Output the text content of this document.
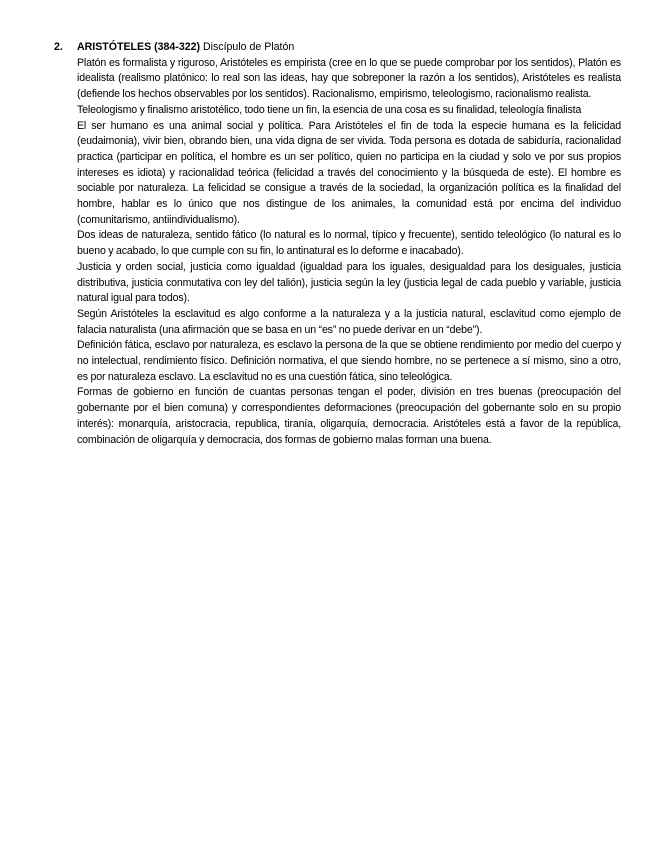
2. ARISTÓTELES (384-322) Discípulo de Platón

Platón es formalista y riguroso, Aristóteles es empirista (cree en lo que se puede comprobar por los sentidos), Platón es idealista (realismo platónico: lo real son las ideas, hay que sobreponer la razón a los sentidos), Aristóteles es realista (defiende los hechos observables por los sentidos). Racionalismo, empirismo, teleologismo, racionalismo realista.

Teleologismo y finalismo aristotélico, todo tiene un fin, la esencia de una cosa es su finalidad, teleología finalista

El ser humano es una animal social y política. Para Aristóteles el fin de toda la especie humana es la felicidad (eudaimonia), vivir bien, obrando bien, una vida digna de ser vivida. Toda persona es dotada de sabiduría, racionalidad practica (participar en política, el hombre es un ser político, quien no participa en la ciudad y solo ve por sus propios intereses es idiota) y racionalidad teórica (felicidad a través del conocimiento y la búsqueda de este). El hombre es sociable por naturaleza. La felicidad se consigue a través de la sociedad, la organización política es la finalidad del hombre, hablar es lo único que nos distingue de los animales, la comunidad está por encima del individuo (comunitarismo, antiindividualismo).

Dos ideas de naturaleza, sentido fático (lo natural es lo normal, típico y frecuente), sentido teleológico (lo natural es lo bueno y acabado, lo que cumple con su fin, lo antinatural es lo deforme e inacabado).

Justicia y orden social, justicia como igualdad (igualdad para los iguales, desigualdad para los desiguales, justicia distributiva, justicia conmutativa con ley del talión), justicia según la ley (justicia legal de cada pueblo y variable, justicia natural igual para todos).

Según Aristóteles la esclavitud es algo conforme a la naturaleza y a la justicia natural, esclavitud como ejemplo de falacia naturalista (una afirmación que se basa en un “es” no puede derivar en un “debe”).

Definición fática, esclavo por naturaleza, es esclavo la persona de la que se obtiene rendimiento por medio del cuerpo y no intelectual, rendimiento físico. Definición normativa, el que siendo hombre, no se pertenece a sí mismo, sino a otro, es por naturaleza esclavo. La esclavitud no es una cuestión fática, sino teleológica.

Formas de gobierno en función de cuantas personas tengan el poder, división en tres buenas (preocupación del gobernante por el bien comuna) y correspondientes deformaciones (preocupación del gobernante solo en su propio interés): monarquía, aristocracia, republica, tiranía, oligarquía, democracia. Aristóteles está a favor de la república, combinación de oligarquía y democracia, dos formas de gobierno malas forman una buena.
